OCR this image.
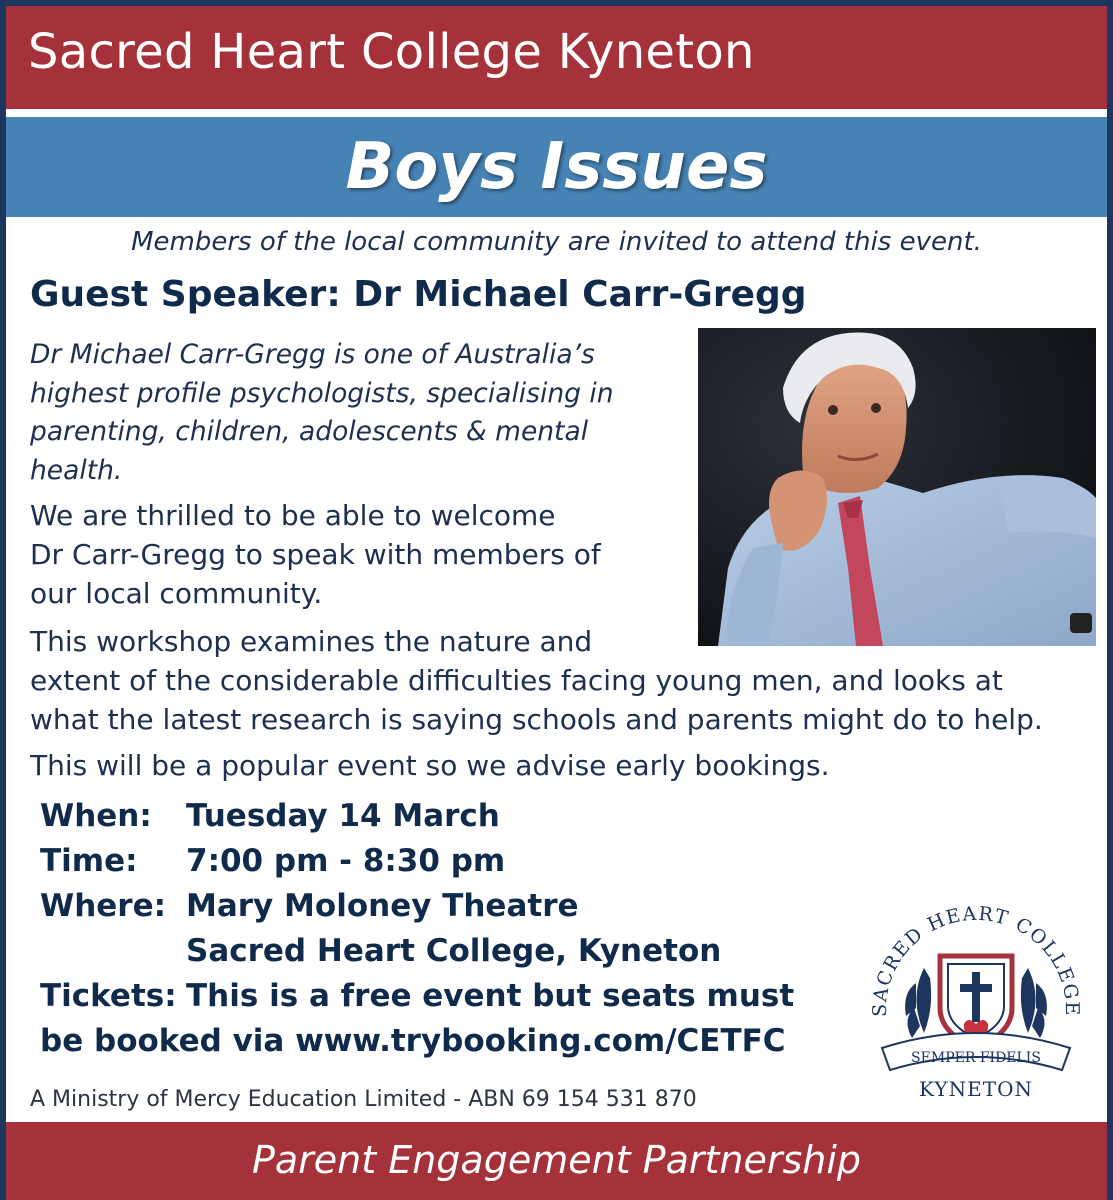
Sacred Heart College Kyneton
Boys Issues
Members of the local community are invited to attend this event.
Guest Speaker: Dr Michael Carr-Gregg
Dr Michael Carr-Gregg is one of Australia’s
highest profile psychologists, specialising in
parenting, children, adolescents & mental
health.
We are thrilled to be able to welcome
Dr Carr-Gregg to speak with members of
our local community.
This workshop examines the nature and
extent of the considerable difficulties facing young men, and looks at
what the latest research is saying schools and parents might do to help.
This will be a popular event so we advise early bookings.
When: Tuesday 14 March
Time: 7:00 pm - 8:30 pm
Where: Mary Moloney Theatre
Sacred Heart College, Kyneton
Tickets: This is a free event but seats must
be booked via www.trybooking.com/CETFC
A Ministry of Mercy Education Limited - ABN 69 154 531 870
SACRED HEART COLLEGE
SEMPER FIDELIS
KYNETON
Parent Engagement Partnership
